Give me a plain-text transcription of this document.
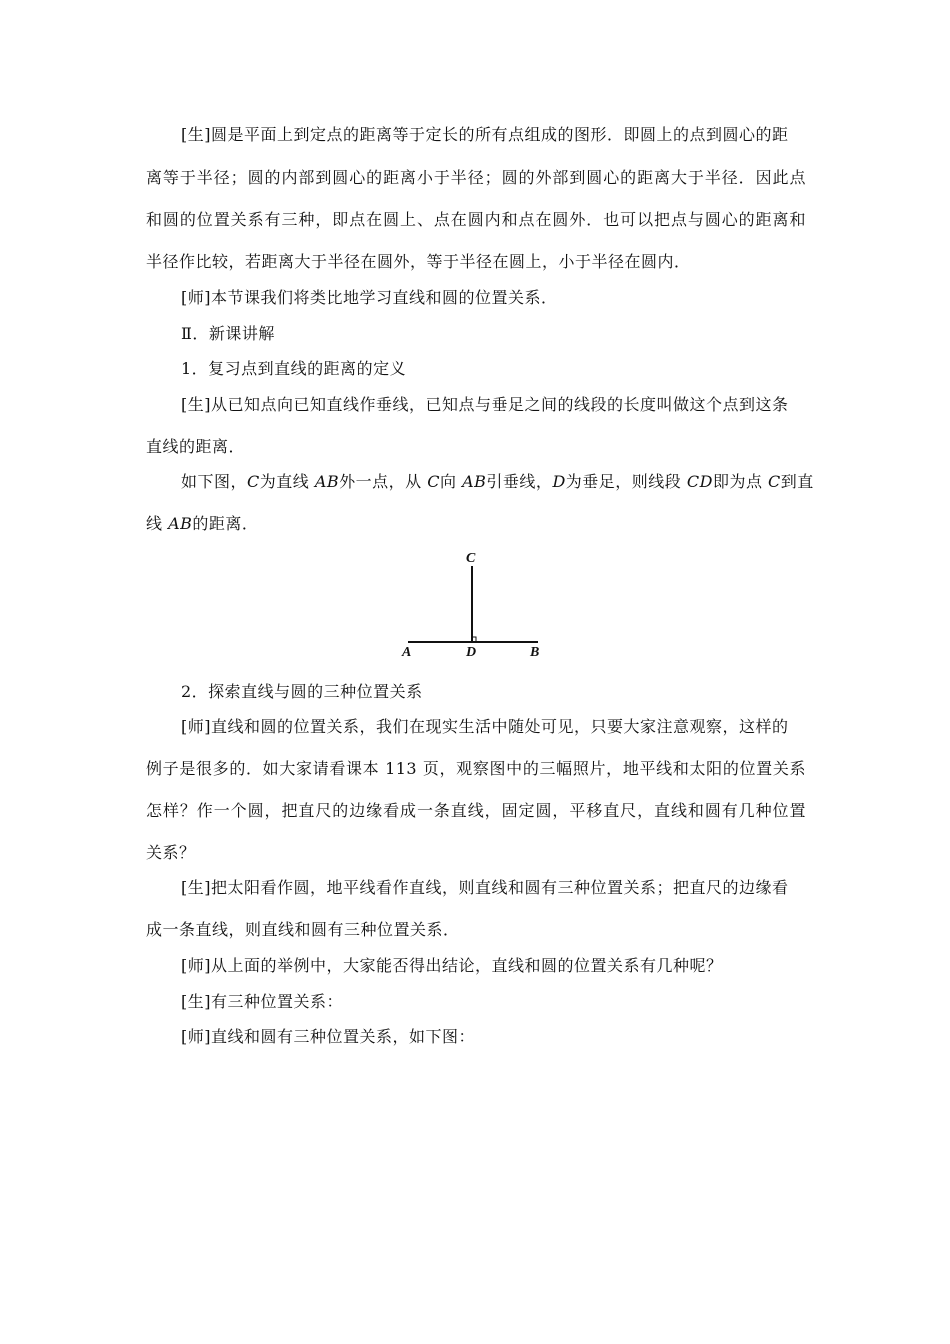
[生]圆是平面上到定点的距离等于定长的所有点组成的图形．即圆上的点到圆心的距
离等于半径；圆的内部到圆心的距离小于半径；圆的外部到圆心的距离大于半径．因此点
和圆的位置关系有三种，即点在圆上、点在圆内和点在圆外．也可以把点与圆心的距离和
半径作比较，若距离大于半径在圆外，等于半径在圆上，小于半径在圆内．
[师]本节课我们将类比地学习直线和圆的位置关系．
Ⅱ．新课讲解
1．复习点到直线的距离的定义
[生]从已知点向已知直线作垂线，已知点与垂足之间的线段的长度叫做这个点到这条
直线的距离．
如下图，C为直线 AB外一点，从 C向 AB引垂线，D为垂足，则线段 CD即为点 C到直
线 AB的距离．
C
A	D	B
2．探索直线与圆的三种位置关系
[师]直线和圆的位置关系，我们在现实生活中随处可见，只要大家注意观察，这样的
例子是很多的．如大家请看课本 113 页，观察图中的三幅照片，地平线和太阳的位置关系
怎样？作一个圆，把直尺的边缘看成一条直线，固定圆，平移直尺，直线和圆有几种位置
关系？
[生]把太阳看作圆，地平线看作直线，则直线和圆有三种位置关系；把直尺的边缘看
成一条直线，则直线和圆有三种位置关系．
[师]从上面的举例中，大家能否得出结论，直线和圆的位置关系有几种呢？
[生]有三种位置关系：
[师]直线和圆有三种位置关系，如下图：
